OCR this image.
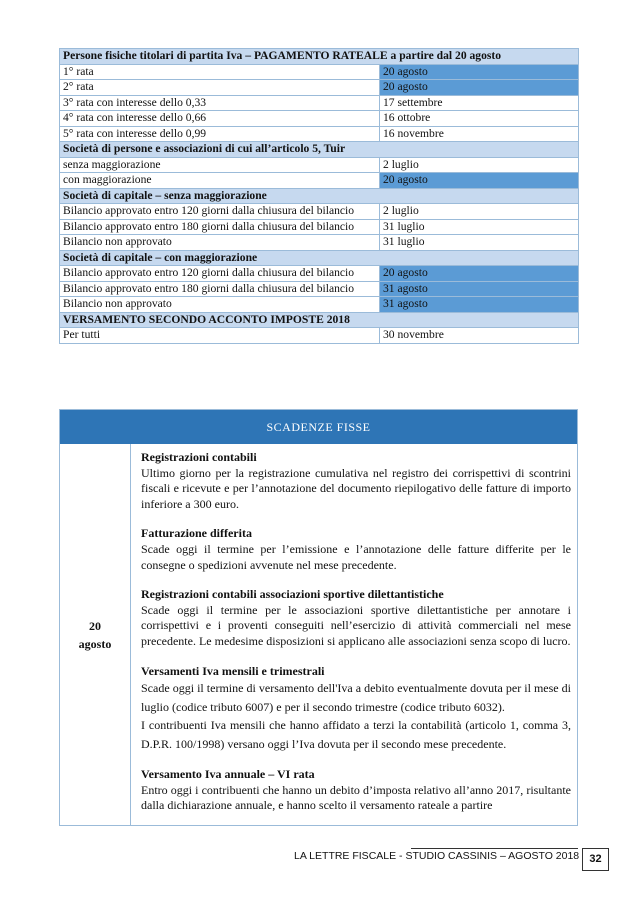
Persone fisiche titolari di partita Iva – PAGAMENTO RATEALE a partire dal 20 agosto	
1° rata	20 agosto
2° rata	20 agosto
3° rata con interesse dello 0,33	17 settembre
4° rata con interesse dello 0,66	16 ottobre
5° rata con interesse dello 0,99	16 novembre
Società di persone e associazioni di cui all’articolo 5, Tuir	
senza maggiorazione	2 luglio
con maggiorazione	20 agosto
Società di capitale – senza maggiorazione	
Bilancio approvato entro 120 giorni dalla chiusura del bilancio	2 luglio
Bilancio approvato entro 180 giorni dalla chiusura del bilancio	31 luglio
Bilancio non approvato	31 luglio
Società di capitale – con maggiorazione	
Bilancio approvato entro 120 giorni dalla chiusura del bilancio	20 agosto
Bilancio approvato entro 180 giorni dalla chiusura del bilancio	31 agosto
Bilancio non approvato	31 agosto
VERSAMENTO SECONDO ACCONTO IMPOSTE 2018	
Per tutti	30 novembre
SCADENZE FISSE
20
agosto
Registrazioni contabili

Ultimo giorno per la registrazione cumulativa nel registro dei corrispettivi di scontrini fiscali e ricevute e per l’annotazione del documento riepilogativo delle fatture di importo inferiore a 300 euro.

Fatturazione differita

Scade oggi il termine per l’emissione e l’annotazione delle fatture differite per le consegne o spedizioni avvenute nel mese precedente.

Registrazioni contabili associazioni sportive dilettantistiche

Scade oggi il termine per le associazioni sportive dilettantistiche per annotare i corrispettivi e i proventi conseguiti nell’esercizio di attività commerciali nel mese precedente. Le medesime disposizioni si applicano alle associazioni senza scopo di lucro.

Versamenti Iva mensili e trimestrali

Scade oggi il termine di versamento dell'Iva a debito eventualmente dovuta per il mese di luglio (codice tributo 6007) e per il secondo trimestre (codice tributo 6032).

I contribuenti Iva mensili che hanno affidato a terzi la contabilità (articolo 1, comma 3, D.P.R. 100/1998) versano oggi l’Iva dovuta per il secondo mese precedente.

Versamento Iva annuale – VI rata

Entro oggi i contribuenti che hanno un debito d’imposta relativo all’anno 2017, risultante dalla dichiarazione annuale, e hanno scelto il versamento rateale a partire

LA LETTRE FISCALE - STUDIO CASSINIS – AGOSTO 2018 32
